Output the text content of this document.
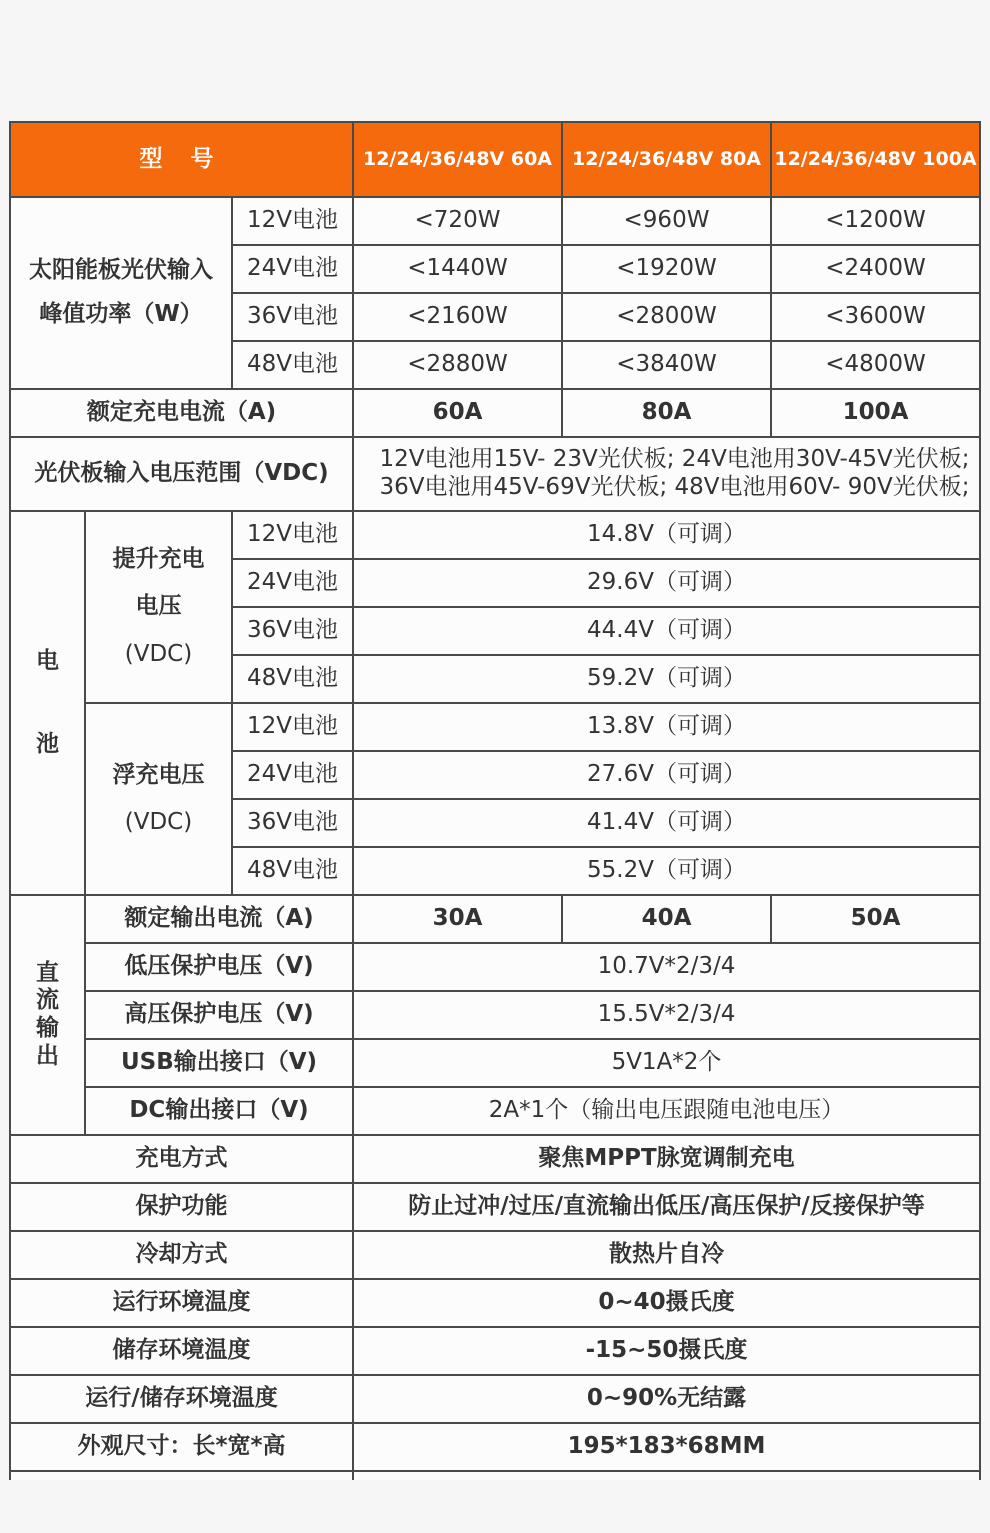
型 号			12/24/36/48V 60A	12/24/36/48V 80A	12/24/36/48V 100A

太阳能板光伏输入
峰值功率（W）		12V电池	<720W	<960W	<1200W
		24V电池	<1440W	<1920W	<2400W
		36V电池	<2160W	<2800W	<3600W
		48V电池	<2880W	<3840W	<4800W
额定充电电流（A)			60A	80A	100A
光伏板输入电压范围（VDC)			12V电池用15V- 23V光伏板; 24V电池用30V-45V光伏板;
36V电池用45V-69V光伏板; 48V电池用60V- 90V光伏板;		

电
池	提升充电
电压
(VDC)	12V电池	14.8V（可调）		
		24V电池	29.6V（可调）		
		36V电池	44.4V（可调）		
		48V电池	59.2V（可调）		

	浮充电压
(VDC)	12V电池	13.8V（可调）		
		24V电池	27.6V（可调）		
		36V电池	41.4V（可调）		
		48V电池	55.2V（可调）		

直
流
输
出	额定输出电流（A)		30A	40A	50A
	低压保护电压（V)		10.7V*2/3/4		
	高压保护电压（V)		15.5V*2/3/4		
	USB输出接口（V)		5V1A*2个		
	DC输出接口（V)		2A*1个（输出电压跟随电池电压）		
充电方式			聚焦MPPT脉宽调制充电		
保护功能			防止过冲/过压/直流输出低压/高压保护/反接保护等		
冷却方式			散热片自冷		
运行环境温度			0~40摄氏度		
储存环境温度			-15~50摄氏度		
运行/储存环境温度			0~90%无结露		
外观尺寸：长*宽*高			195*183*68MM		
